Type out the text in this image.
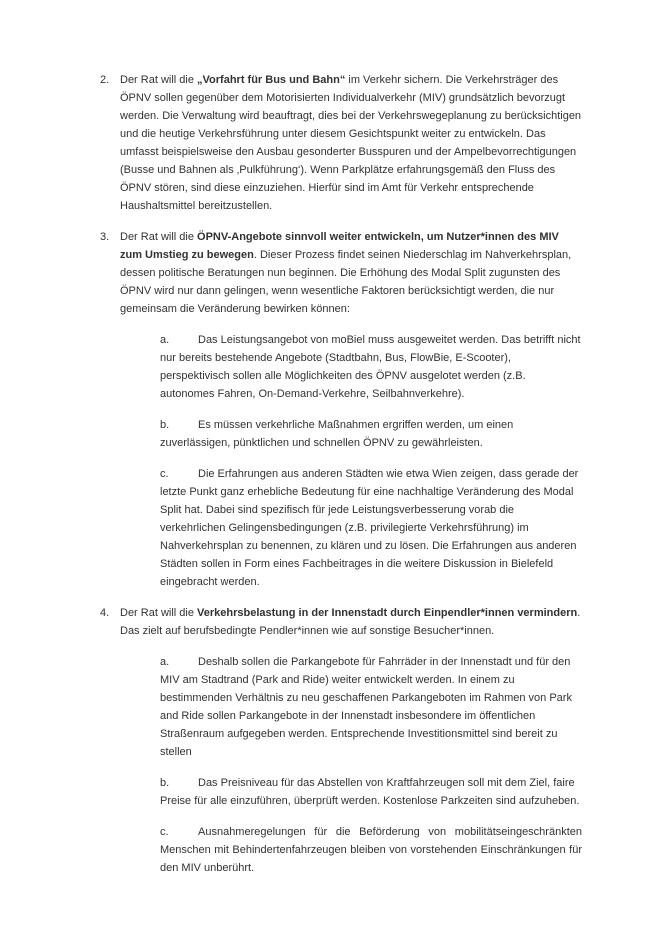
2. Der Rat will die „Vorfahrt für Bus und Bahn“ im Verkehr sichern. Die Verkehrsträger des ÖPNV sollen gegenüber dem Motorisierten Individualverkehr (MIV) grundsätzlich bevorzugt werden. Die Verwaltung wird beauftragt, dies bei der Verkehrswegeplanung zu berücksichtigen und die heutige Verkehrsführung unter diesem Gesichtspunkt weiter zu entwickeln. Das umfasst beispielsweise den Ausbau gesonderter Busspuren und der Ampelbevorrechtigungen (Busse und Bahnen als ‚Pulkführung‘). Wenn Parkplätze erfahrungsgemäß den Fluss des ÖPNV stören, sind diese einzuziehen. Hierfür sind im Amt für Verkehr entsprechende Haushaltsmittel bereitzustellen.

3. Der Rat will die ÖPNV-Angebote sinnvoll weiter entwickeln, um Nutzer*innen des MIV zum Umstieg zu bewegen. Dieser Prozess findet seinen Niederschlag im Nahverkehrsplan, dessen politische Beratungen nun beginnen. Die Erhöhung des Modal Split zugunsten des ÖPNV wird nur dann gelingen, wenn wesentliche Faktoren berücksichtigt werden, die nur gemeinsam die Veränderung bewirken können:

a.	Das Leistungsangebot von moBiel muss ausgeweitet werden. Das betrifft nicht nur bereits bestehende Angebote (Stadtbahn, Bus, FlowBie, E-Scooter), perspektivisch sollen alle Möglichkeiten des ÖPNV ausgelotet werden (z.B. autonomes Fahren, On-Demand-Verkehre, Seilbahnverkehre).

b.	Es müssen verkehrliche Maßnahmen ergriffen werden, um einen zuverlässigen, pünktlichen und schnellen ÖPNV zu gewährleisten.

c.	Die Erfahrungen aus anderen Städten wie etwa Wien zeigen, dass gerade der letzte Punkt ganz erhebliche Bedeutung für eine nachhaltige Veränderung des Modal Split hat. Dabei sind spezifisch für jede Leistungsverbesserung vorab die verkehrlichen Gelingensbedingungen (z.B. privilegierte Verkehrsführung) im Nahverkehrsplan zu benennen, zu klären und zu lösen. Die Erfahrungen aus anderen Städten sollen in Form eines Fachbeitrages in die weitere Diskussion in Bielefeld eingebracht werden.

4. Der Rat will die Verkehrsbelastung in der Innenstadt durch Einpendler*innen vermindern. Das zielt auf berufsbedingte Pendler*innen wie auf sonstige Besucher*innen.

a.	Deshalb sollen die Parkangebote für Fahrräder in der Innenstadt und für den MIV am Stadtrand (Park and Ride) weiter entwickelt werden. In einem zu bestimmenden Verhältnis zu neu geschaffenen Parkangeboten im Rahmen von Park and Ride sollen Parkangebote in der Innenstadt insbesondere im öffentlichen Straßenraum aufgegeben werden. Entsprechende Investitionsmittel sind bereit zu stellen

b.	Das Preisniveau für das Abstellen von Kraftfahrzeugen soll mit dem Ziel, faire Preise für alle einzuführen, überprüft werden. Kostenlose Parkzeiten sind aufzuheben.

c.	Ausnahmeregelungen für die Beförderung von mobilitätseingeschränkten Menschen mit Behindertenfahrzeugen bleiben von vorstehenden Einschränkungen für den MIV unberührt.
